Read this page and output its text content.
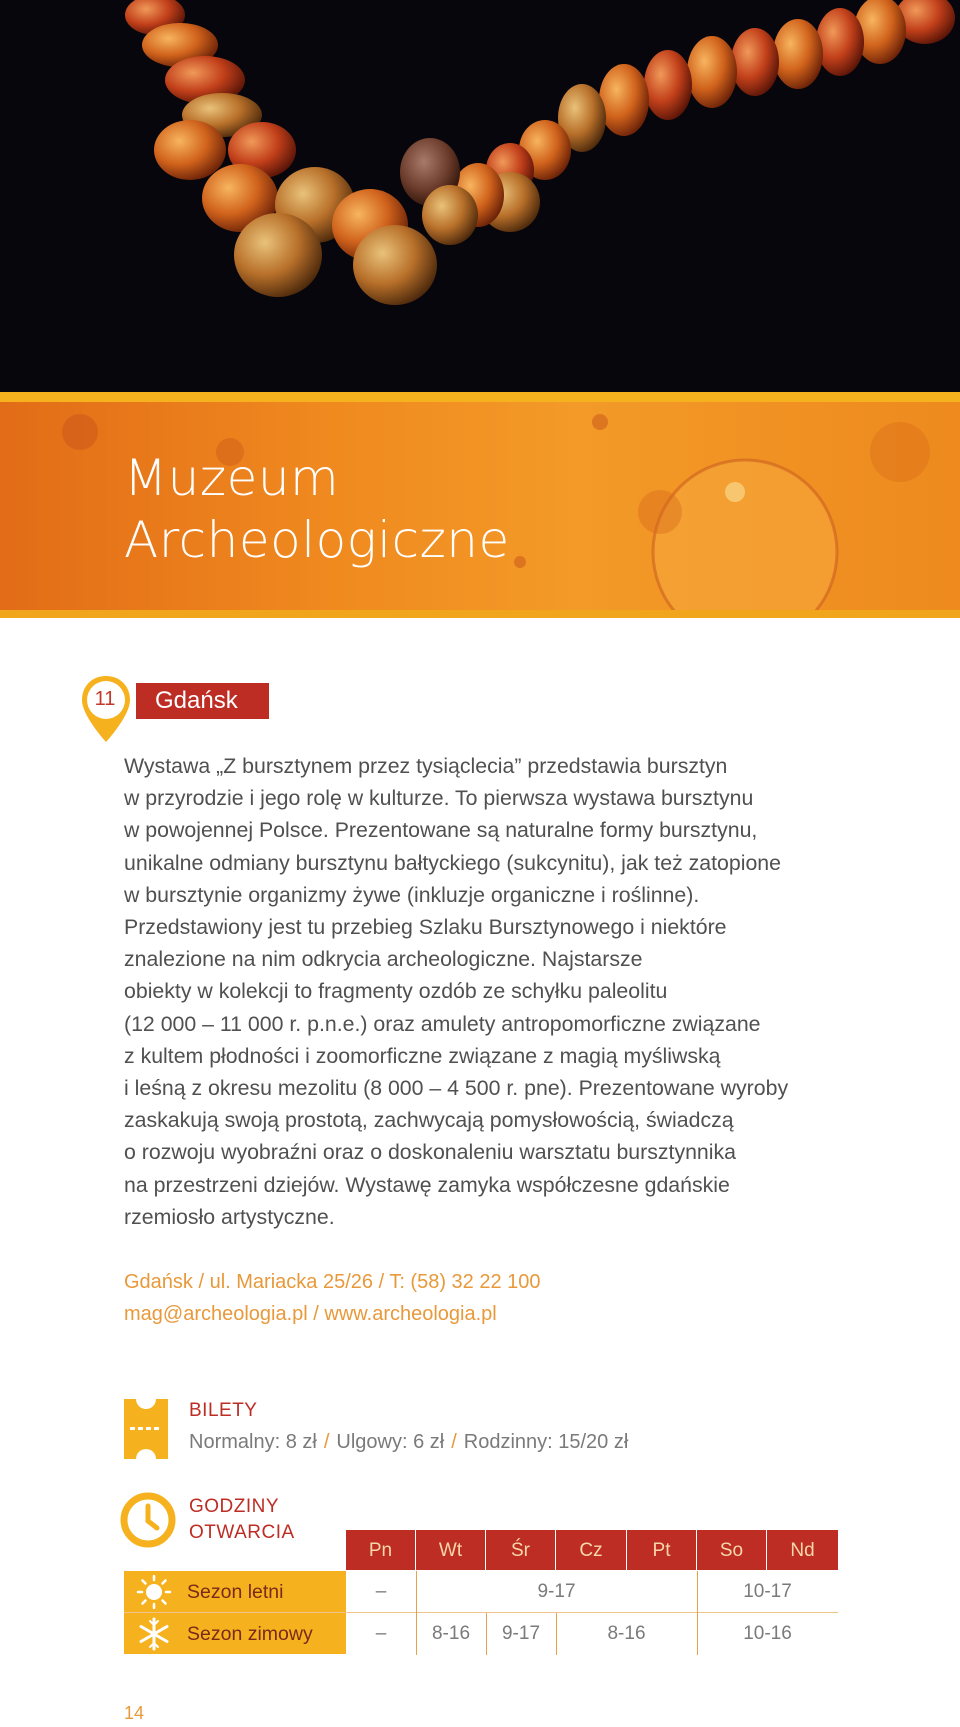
Muzeum
Archeologiczne
11	Gdańsk

Wystawa „Z bursztynem przez tysiąclecia” przedstawia bursztyn
w przyrodzie i jego rolę w kulturze. To pierwsza wystawa bursztynu
w powojennej Polsce. Prezentowane są naturalne formy bursztynu,
unikalne odmiany bursztynu bałtyckiego (sukcynitu), jak też zatopione
w bursztynie organizmy żywe (inkluzje organiczne i roślinne).
Przedstawiony jest tu przebieg Szlaku Bursztynowego i niektóre
znalezione na nim odkrycia archeologiczne. Najstarsze
obiekty w kolekcji to fragmenty ozdób ze schyłku paleolitu
(12 000 – 11 000 r. p.n.e.) oraz amulety antropomorficzne związane
z kultem płodności i zoomorficzne związane z magią myśliwską
i leśną z okresu mezolitu (8 000 – 4 500 r. pne). Prezentowane wyroby
zaskakują swoją prostotą, zachwycają pomysłowością, świadczą
o rozwoju wyobraźni oraz o doskonaleniu warsztatu bursztynnika
na przestrzeni dziejów. Wystawę zamyka współczesne gdańskie
rzemiosło artystyczne.

Gdańsk / ul. Mariacka 25/26 / T: (58) 32 22 100
mag@archeologia.pl / www.archeologia.pl
BILETY
Normalny: 8 zł / Ulgowy: 6 zł / Rodzinny: 15/20 zł
GODZINY
OTWARCIA
Pn	Wt	Śr	Cz	Pt	So	Nd
Sezon letni	–	9-17	10-17
Sezon zimowy	–	8-16	9-17	8-16	10-16
14
